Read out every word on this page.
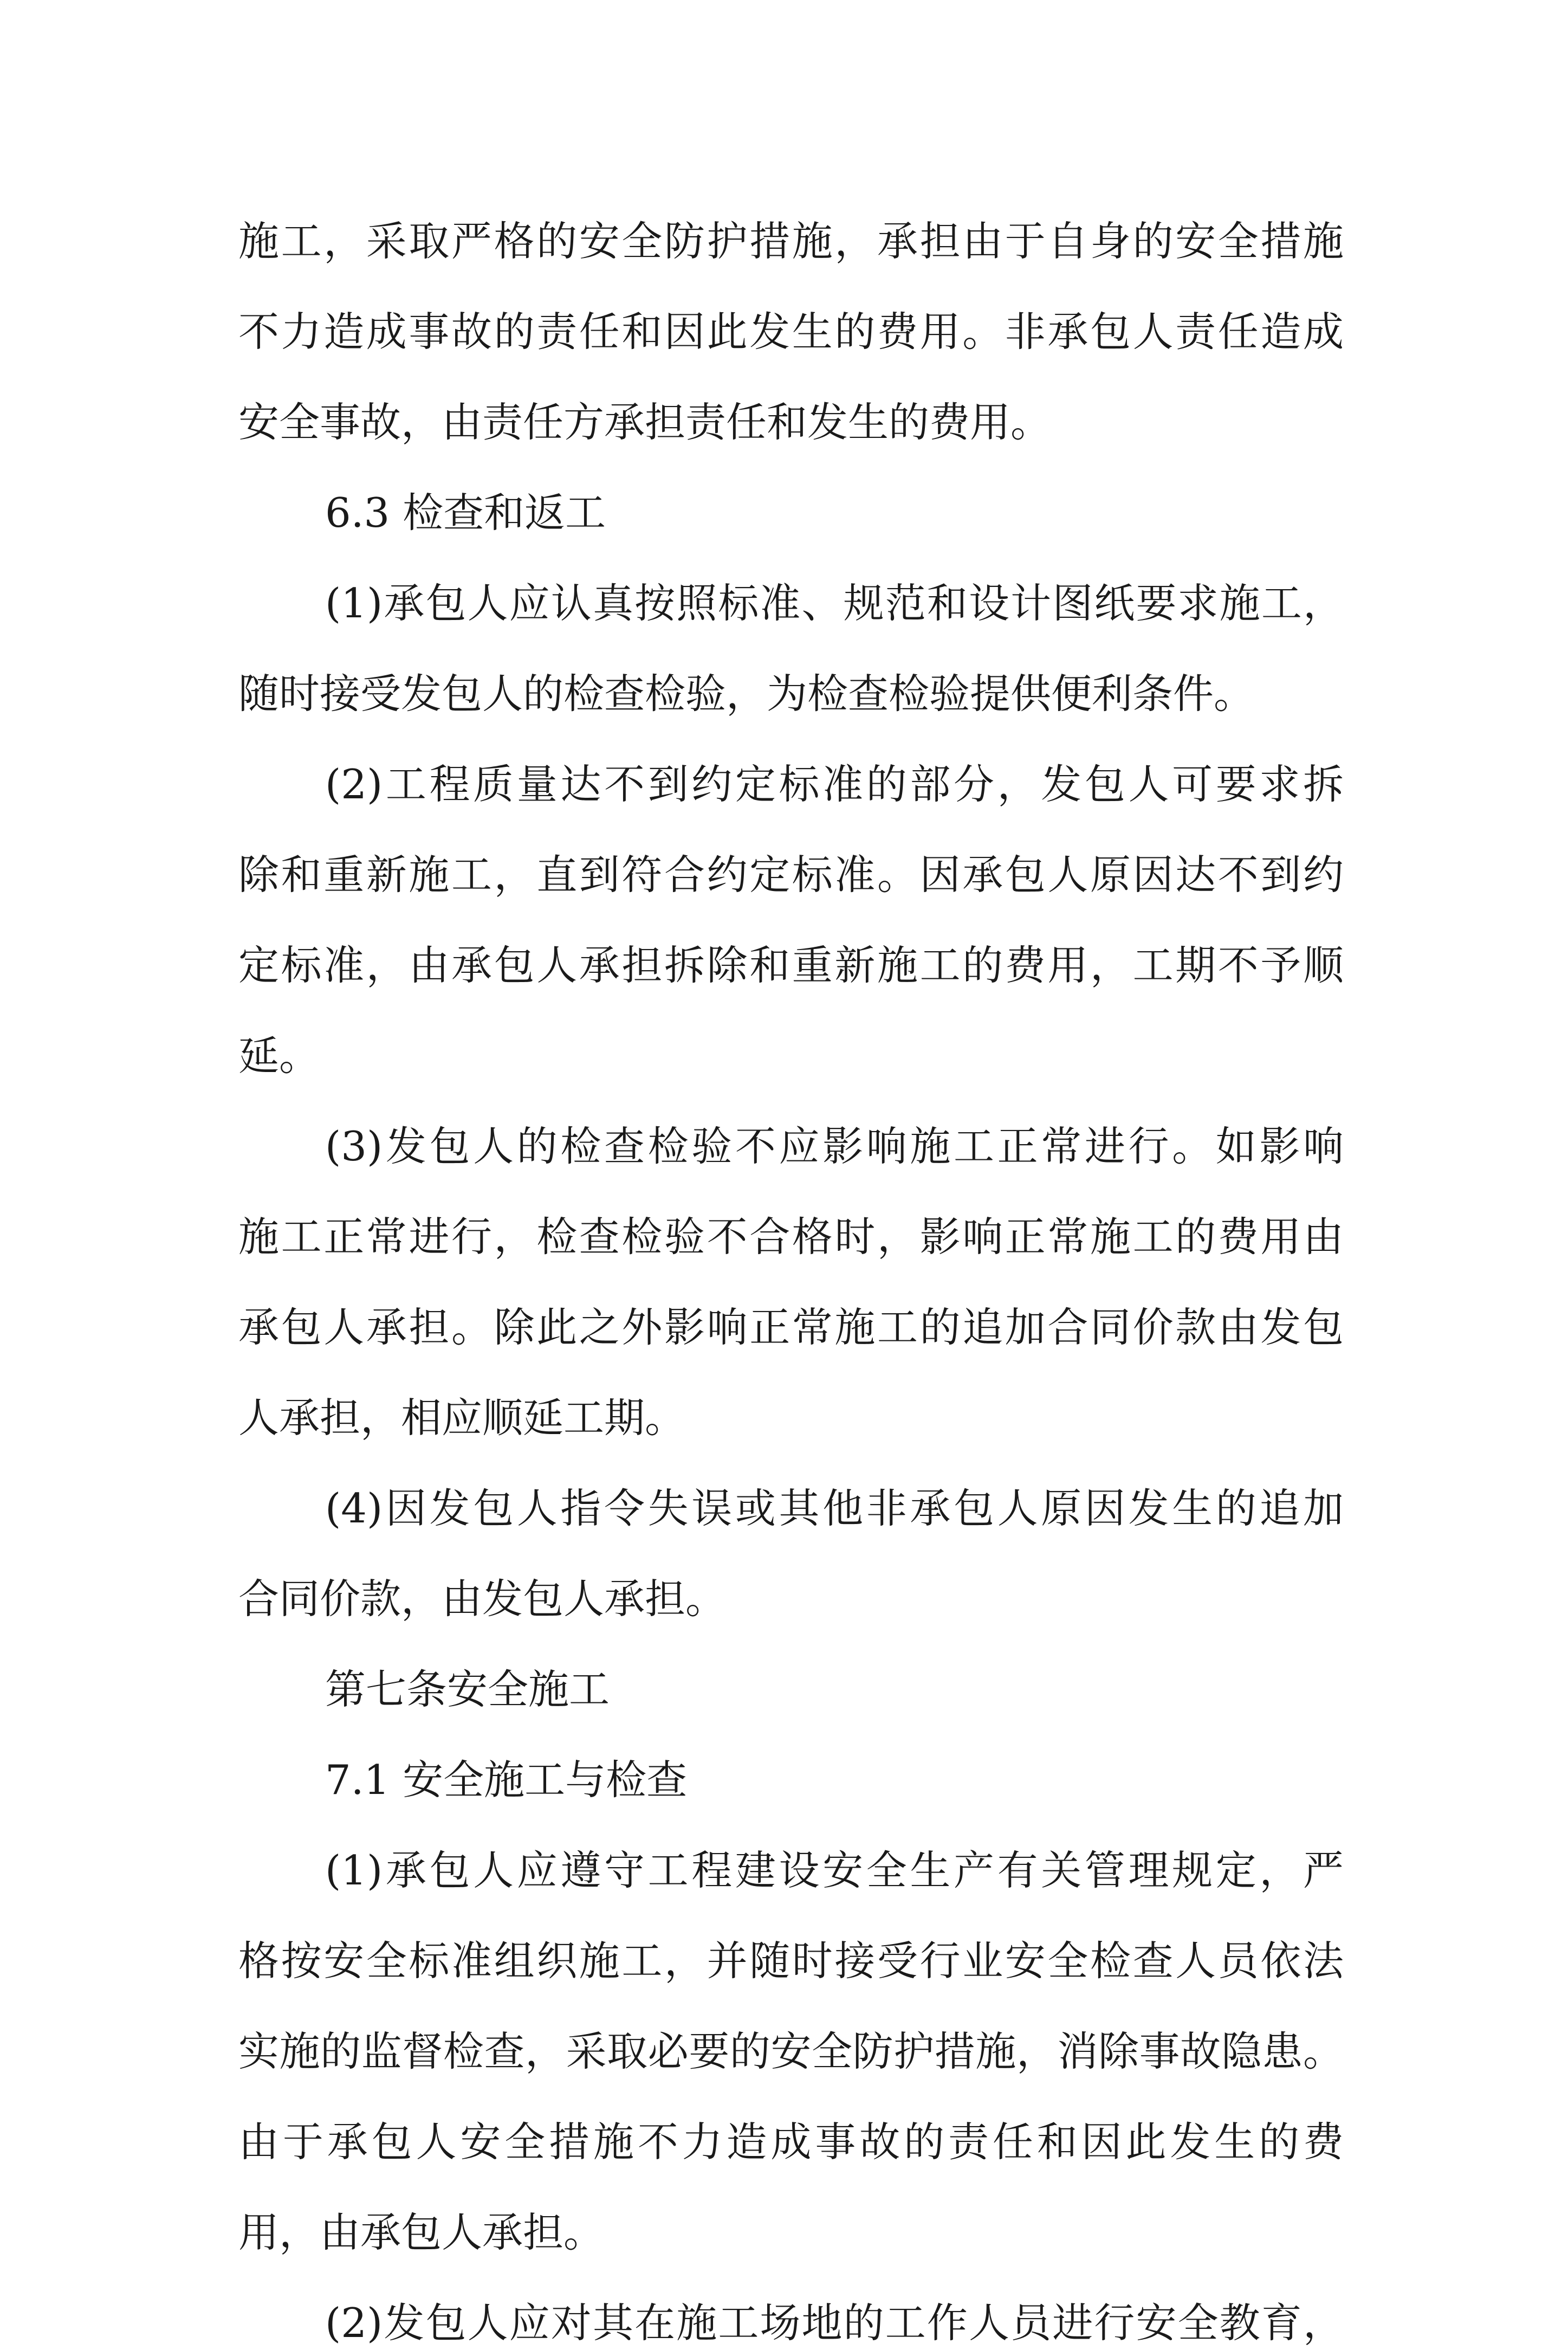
施工，采取严格的安全防护措施，承担由于自身的安全措施
不力造成事故的责任和因此发生的费用。非承包人责任造成
安全事故，由责任方承担责任和发生的费用。
6.3 检查和返工
(1)承包人应认真按照标准、规范和设计图纸要求施工，
随时接受发包人的检查检验，为检查检验提供便利条件。
(2)工程质量达不到约定标准的部分，发包人可要求拆
除和重新施工，直到符合约定标准。因承包人原因达不到约
定标准，由承包人承担拆除和重新施工的费用，工期不予顺
延。
(3)发包人的检查检验不应影响施工正常进行。如影响
施工正常进行，检查检验不合格时，影响正常施工的费用由
承包人承担。除此之外影响正常施工的追加合同价款由发包
人承担，相应顺延工期。
(4)因发包人指令失误或其他非承包人原因发生的追加
合同价款，由发包人承担。
第七条安全施工
7.1 安全施工与检查
(1)承包人应遵守工程建设安全生产有关管理规定，严
格按安全标准组织施工，并随时接受行业安全检查人员依法
实施的监督检查，采取必要的安全防护措施，消除事故隐患。
由于承包人安全措施不力造成事故的责任和因此发生的费
用，由承包人承担。
(2)发包人应对其在施工场地的工作人员进行安全教育，
